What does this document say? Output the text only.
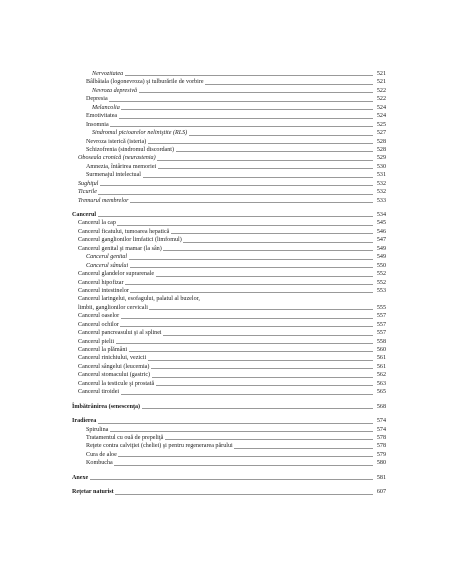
Nervozitatea	521
Bâlbâiala (logonevroza) şi tulburările de vorbire	521
Nevroza depresivă	522
Depresia	522
Melancolia	524
Emotivitatea	524
Insomnia	525
Sindromul picioarelor neliniştite (RLS)	527
Nevroza isterică (isteria)	528
Schizofrenia (sindromul discordant)	528
Oboseala cronică (neurastenia)	529
Amnezia, întârirea memoriei	530
Surmenajul intelectual	531
Sughiţul	532
Ticurile	532
Tremurul membrelor	533
Cancerul	534
Cancerul la cap	545
Cancerul ficatului, tumoarea hepatică	546
Cancerul ganglionilor limfatici (limfomul)	547
Cancerul genital şi mamar (la sân)	549
Cancerul genital	549
Cancerul sânului	550
Cancerul glandelor suprarenale	552
Cancerul hipofizar	552
Cancerul intestinelor	553
Cancerul laringelui, esofagului, palatul al buzelor,
limbii, ganglionilor cervicali	555
Cancerul oaselor	557
Cancerul ochilor	557
Cancerul pancreasului şi al splinei	557
Cancerul pielii	558
Cancerul la plămâni	560
Cancerul rinichiului, vezicii	561
Cancerul sângelui (leucemia)	561
Cancerul stomacului (gastric)	562
Cancerul la testicule şi prostată	563
Cancerul tiroidei	565
Îmbătrânirea (senescenţa)	568
Iradierea	574
Spirulina	574
Tratamentul cu ouă de prepeliţă	578
Reţete contra calviţiei (cheliei) şi pentru regenerarea părului	578
Cura de aloe	579
Kombucha	580
Anexe	581
Reţetar naturist	607
